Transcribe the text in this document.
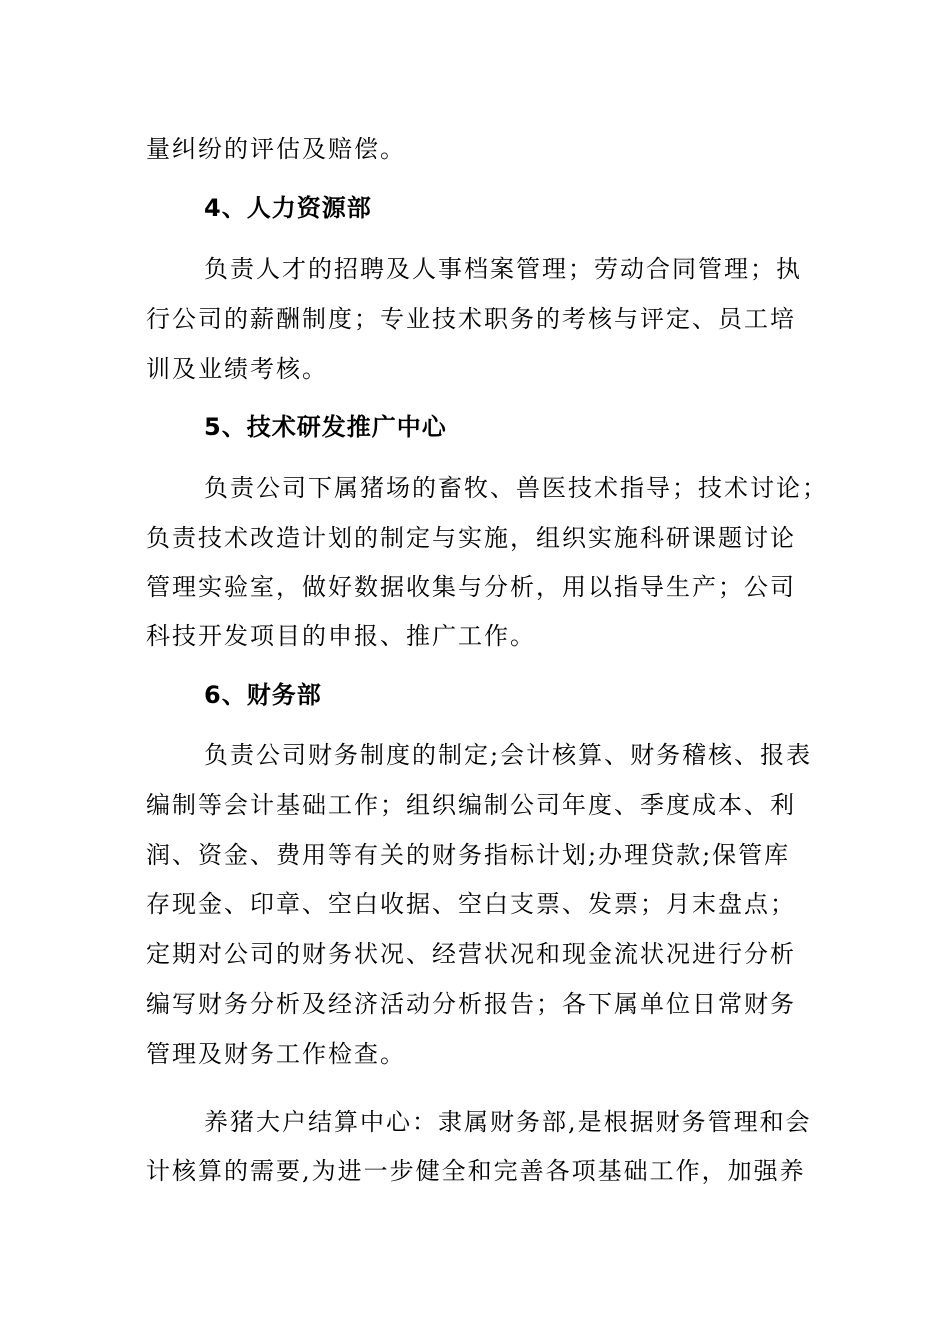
量纠纷的评估及赔偿。
4、人力资源部
负责人才的招聘及人事档案管理；劳动合同管理；执
行公司的薪酬制度；专业技术职务的考核与评定、员工培
训及业绩考核。
5、技术研发推广中心
负责公司下属猪场的畜牧、兽医技术指导；技术讨论；
负责技术改造计划的制定与实施，组织实施科研课题讨论
管理实验室，做好数据收集与分析，用以指导生产；公司
科技开发项目的申报、推广工作。
6、财务部
负责公司财务制度的制定;会计核算、财务稽核、报表
编制等会计基础工作；组织编制公司年度、季度成本、利
润、资金、费用等有关的财务指标计划;办理贷款;保管库
存现金、印章、空白收据、空白支票、发票；月末盘点；
定期对公司的财务状况、经营状况和现金流状况进行分析
编写财务分析及经济活动分析报告；各下属单位日常财务
管理及财务工作检查。
养猪大户结算中心：隶属财务部,是根据财务管理和会
计核算的需要,为进一步健全和完善各项基础工作，加强养
